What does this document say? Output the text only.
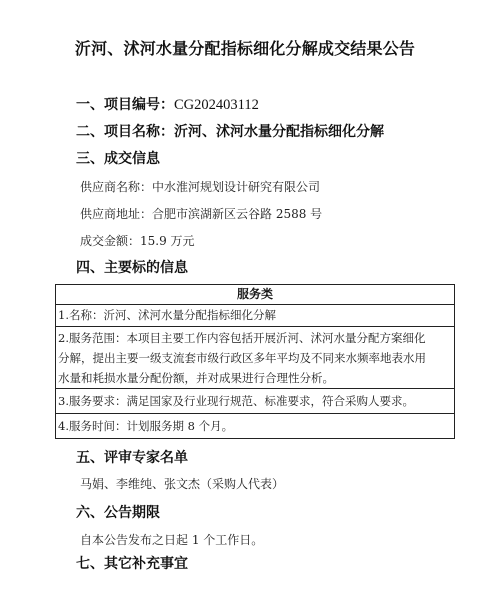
沂河、沭河水量分配指标细化分解成交结果公告
一、项目编号：CG202403112
二、项目名称：沂河、沭河水量分配指标细化分解
三、成交信息
供应商名称：中水淮河规划设计研究有限公司
供应商地址：合肥市滨湖新区云谷路 2588 号
成交金额：15.9 万元
四、主要标的信息
服务类
1.名称：沂河、沭河水量分配指标细化分解
2.服务范围：本项目主要工作内容包括开展沂河、沭河水量分配方案细化
分解，提出主要一级支流套市级行政区多年平均及不同来水频率地表水用
水量和耗损水量分配份额，并对成果进行合理性分析。
3.服务要求：满足国家及行业现行规范、标准要求，符合采购人要求。
4.服务时间：计划服务期 8 个月。
五、评审专家名单
马娟、李维纯、张文杰（采购人代表）
六、公告期限
自本公告发布之日起 1 个工作日。
七、其它补充事宜
